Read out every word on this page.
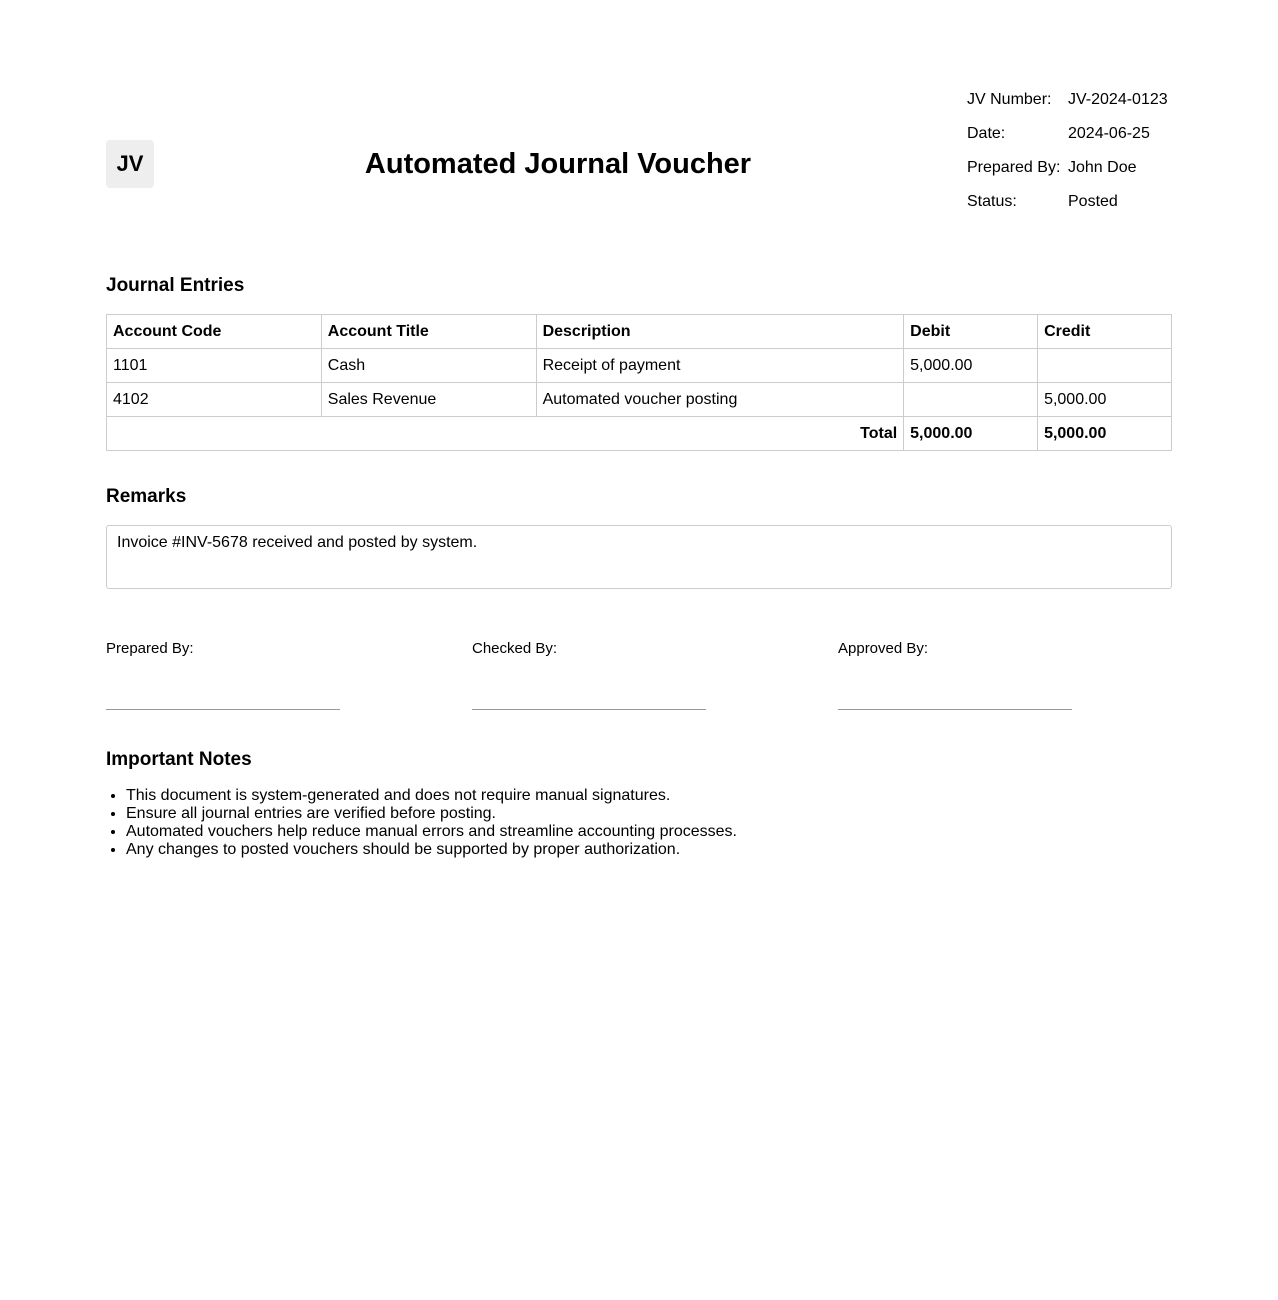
JV	Automated Journal Voucher
JV Number:	JV-2024-0123
Date:	2024-06-25
Prepared By:	John Doe
Status:	Posted
Journal Entries
Account Code	Account Title	Description	Debit	Credit
1101	Cash	Receipt of payment	5,000.00	
4102	Sales Revenue	Automated voucher posting		5,000.00
Total			5,000.00	5,000.00
Remarks
Invoice #INV-5678 received and posted by system.
Prepared By:	Checked By:	Approved By:
Important Notes
• This document is system-generated and does not require manual signatures.
• Ensure all journal entries are verified before posting.
• Automated vouchers help reduce manual errors and streamline accounting processes.
• Any changes to posted vouchers should be supported by proper authorization.
